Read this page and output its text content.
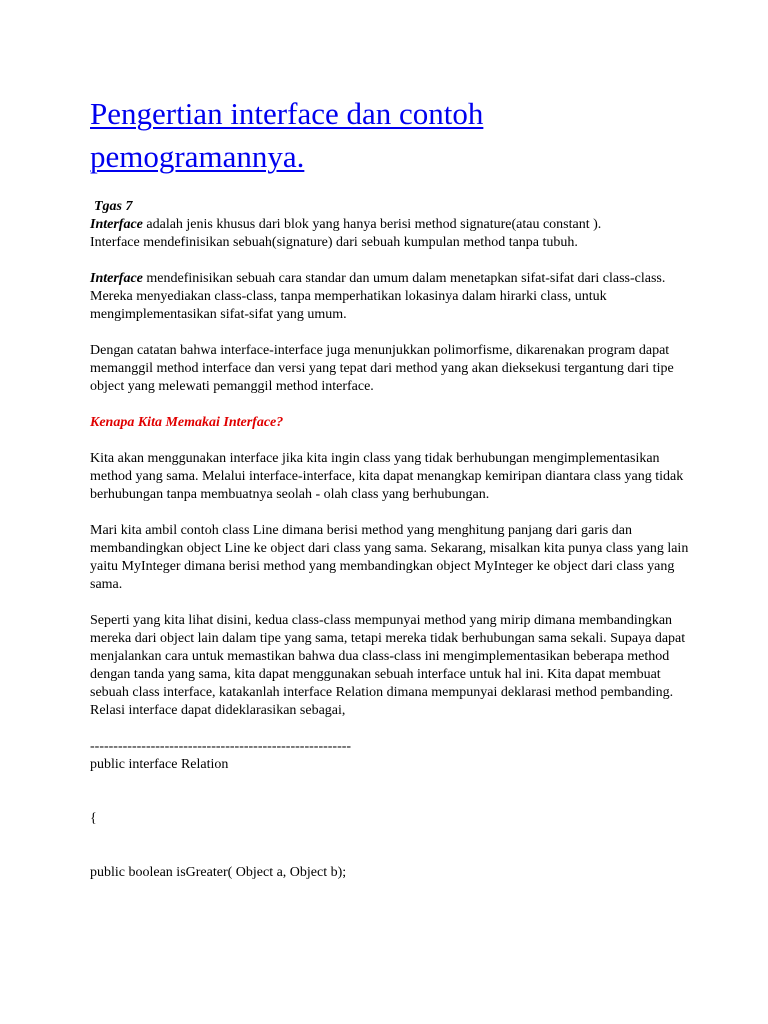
Pengertian interface dan contoh pemogramannya.
Tgas 7

Interface adalah jenis khusus dari blok yang hanya berisi method signature(atau constant ). Interface mendefinisikan sebuah(signature) dari sebuah kumpulan method tanpa tubuh.

Interface mendefinisikan sebuah cara standar dan umum dalam menetapkan sifat-sifat dari class-class. Mereka menyediakan class-class, tanpa memperhatikan lokasinya dalam hirarki class, untuk mengimplementasikan sifat-sifat yang umum.

Dengan catatan bahwa interface-interface juga menunjukkan polimorfisme, dikarenakan program dapat memanggil method interface dan versi yang tepat dari method yang akan dieksekusi tergantung dari tipe object yang melewati pemanggil method interface.

Kenapa Kita Memakai Interface?

Kita akan menggunakan interface jika kita ingin class yang tidak berhubungan mengimplementasikan method yang sama. Melalui interface-interface, kita dapat menangkap kemiripan diantara class yang tidak berhubungan tanpa membuatnya seolah - olah class yang berhubungan.

Mari kita ambil contoh class Line dimana berisi method yang menghitung panjang dari garis dan membandingkan object Line ke object dari class yang sama. Sekarang, misalkan kita punya class yang lain yaitu MyInteger dimana berisi method yang membandingkan object MyInteger ke object dari class yang sama.

Seperti yang kita lihat disini, kedua class-class mempunyai method yang mirip dimana membandingkan mereka dari object lain dalam tipe yang sama, tetapi mereka tidak berhubungan sama sekali. Supaya dapat menjalankan cara untuk memastikan bahwa dua class-class ini mengimplementasikan beberapa method dengan tanda yang sama, kita dapat menggunakan sebuah interface untuk hal ini. Kita dapat membuat sebuah class interface, katakanlah interface Relation dimana mempunyai deklarasi method pembanding. Relasi interface dapat dideklarasikan sebagai,

--------------------------------------------------------
public interface Relation
{
public boolean isGreater( Object a, Object b);
